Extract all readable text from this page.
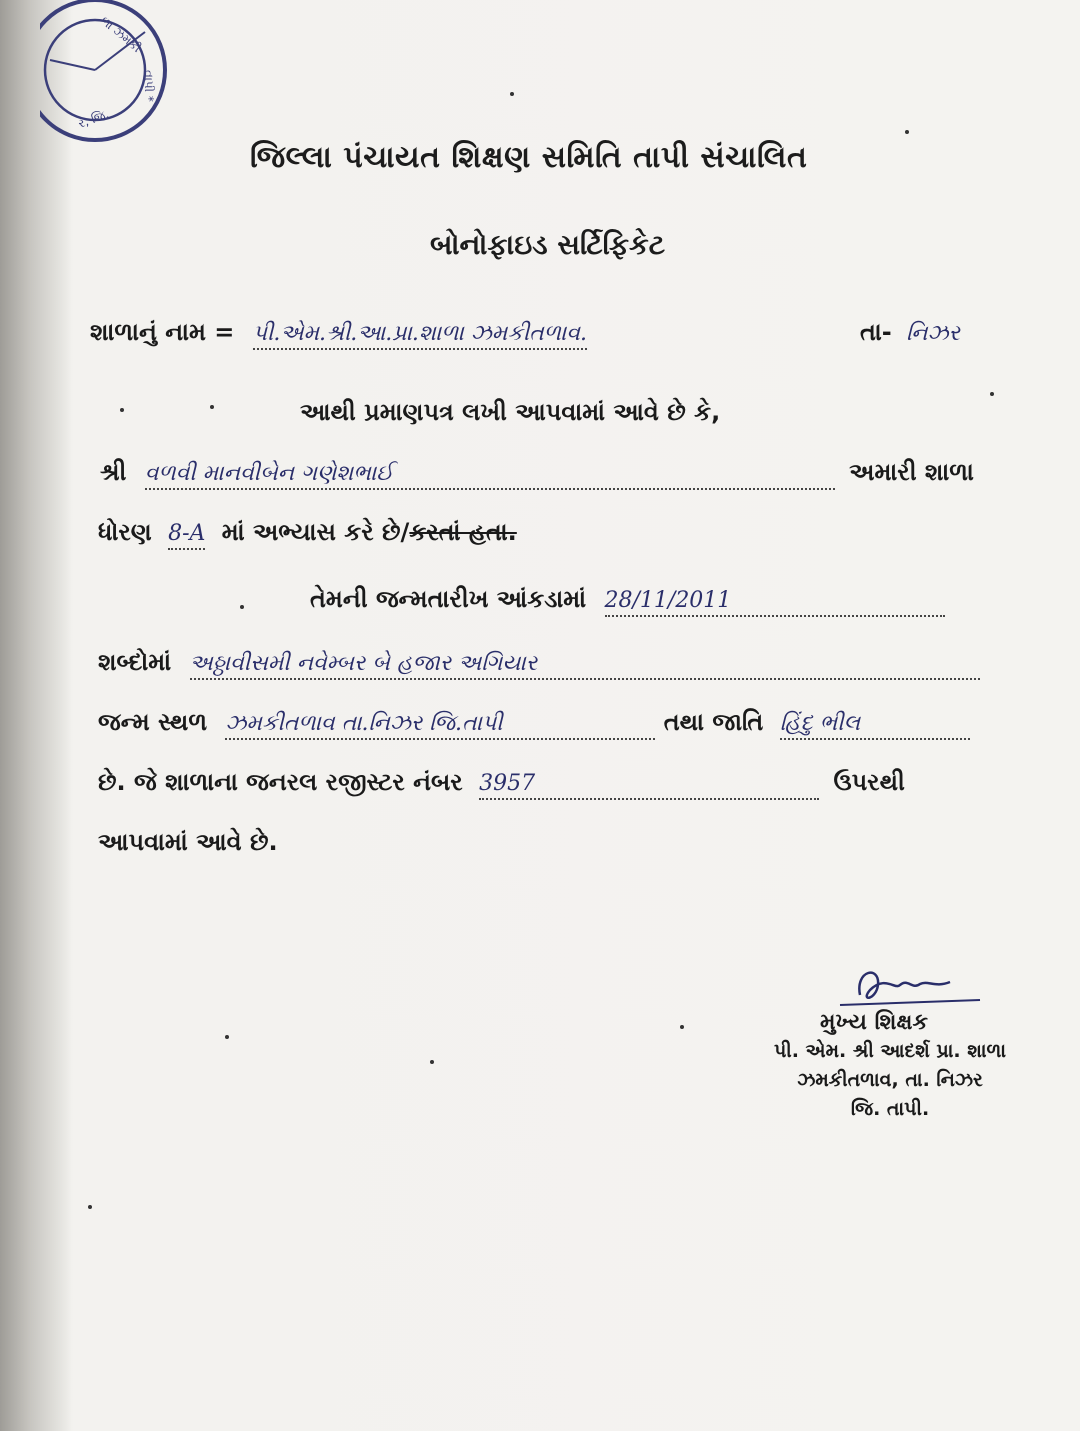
ળા ઝમકી
તાપી *
ર, જિ.
જિલ્લા પંચાયત શિક્ષણ સમિતિ તાપી સંચાલિત
બોનોફાઇડ સર્ટિફિકેટ
શાળાનું નામ = પી.એમ.શ્રી.આ.પ્રા.શાળા ઝમકીતળાવ.	તા- નિઝર
આથી પ્રમાણપત્ર લખી આપવામાં આવે છે કે,
શ્રી વળવી માનવીબેન ગણેશભાઈ	અમારી શાળા
ધોરણ 8-A માં અભ્યાસ કરે છે/કરતાં હતા.
તેમની જન્મતારીખ આંકડામાં 28/11/2011
શબ્દોમાં અઠ્ઠાવીસમી નવેમ્બર બે હજાર અગિયાર
જન્મ સ્થળ ઝમકીતળાવ તા.નિઝર જિ.તાપી	તથા જાતિ હિંદુ ભીલ
છે. જે શાળાના જનરલ રજીસ્ટર નંબર 3957	ઉપરથી
આપવામાં આવે છે.
મુખ્ય શિક્ષક
પી. એમ. શ્રી આદર્શ પ્રા. શાળા
ઝમકીતળાવ, તા. નિઝર
જિ. તાપી.
